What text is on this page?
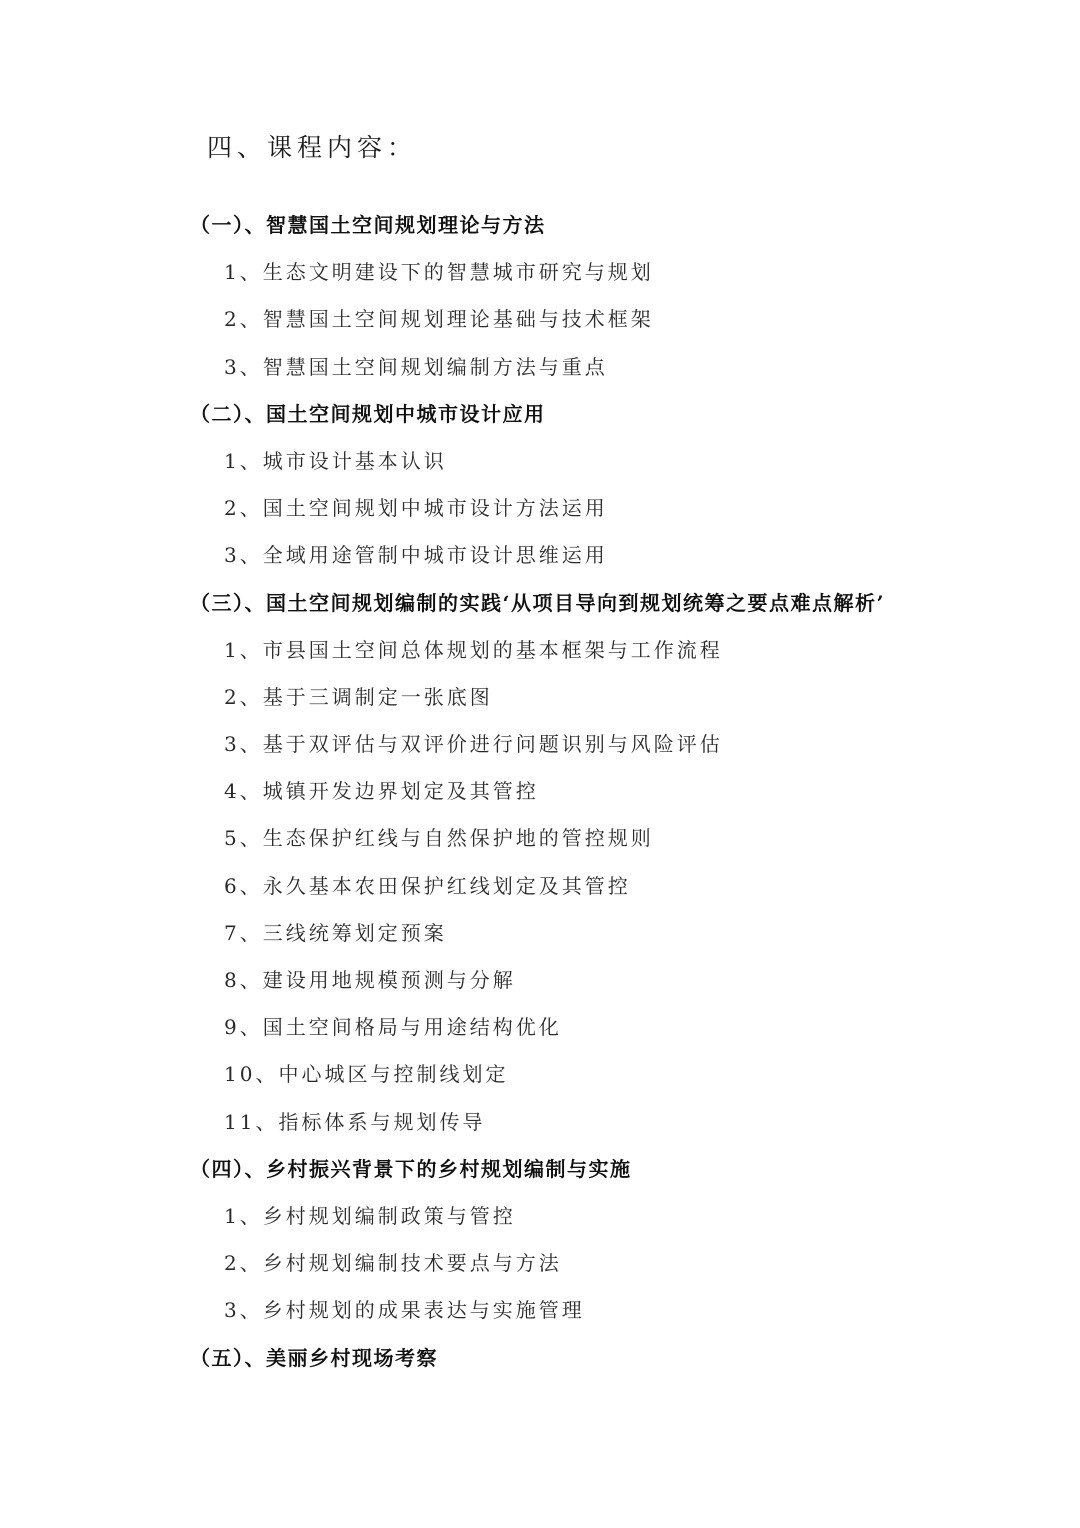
四、课程内容：
（一）、智慧国土空间规划理论与方法
1、生态文明建设下的智慧城市研究与规划
2、智慧国土空间规划理论基础与技术框架
3、智慧国土空间规划编制方法与重点
（二）、国土空间规划中城市设计应用
1、城市设计基本认识
2、国土空间规划中城市设计方法运用
3、全域用途管制中城市设计思维运用
（三）、国土空间规划编制的实践‘从项目导向到规划统筹之要点难点解析’
1、市县国土空间总体规划的基本框架与工作流程
2、基于三调制定一张底图
3、基于双评估与双评价进行问题识别与风险评估
4、城镇开发边界划定及其管控
5、生态保护红线与自然保护地的管控规则
6、永久基本农田保护红线划定及其管控
7、三线统筹划定预案
8、建设用地规模预测与分解
9、国土空间格局与用途结构优化
10、中心城区与控制线划定
11、指标体系与规划传导
（四）、乡村振兴背景下的乡村规划编制与实施
1、乡村规划编制政策与管控
2、乡村规划编制技术要点与方法
3、乡村规划的成果表达与实施管理
（五）、美丽乡村现场考察
